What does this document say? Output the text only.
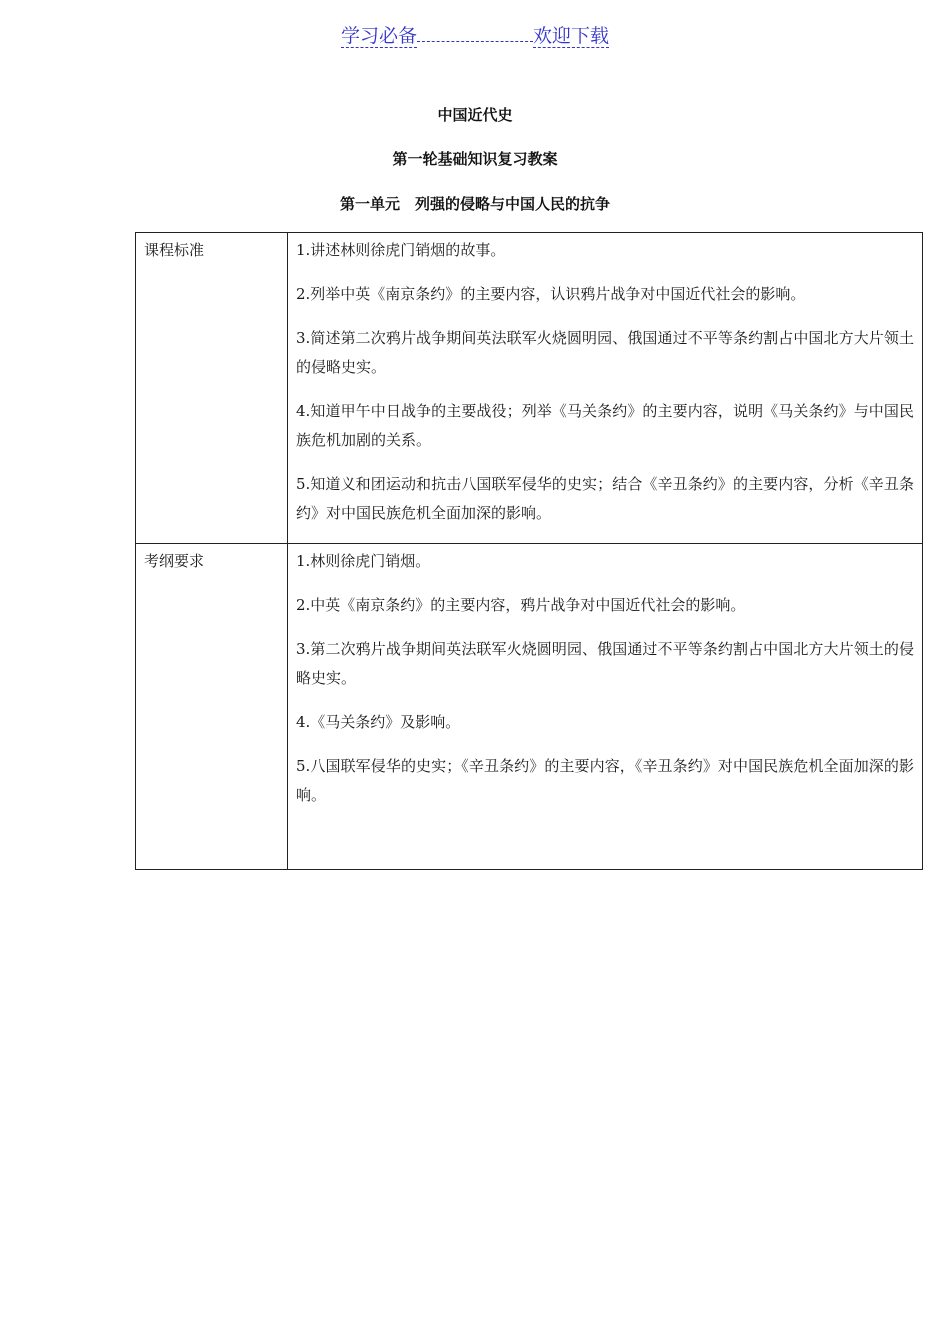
学习必备	欢迎下载
中国近代史
第一轮基础知识复习教案
第一单元　列强的侵略与中国人民的抗争
课程标准	1.讲述林则徐虎门销烟的故事。

2.列举中英《南京条约》的主要内容，认识鸦片战争对中国近代社会的影响。

3.简述第二次鸦片战争期间英法联军火烧圆明园、俄国通过不平等条约割占中国北方大片领土的侵略史实。

4.知道甲午中日战争的主要战役；列举《马关条约》的主要内容，说明《马关条约》与中国民族危机加剧的关系。

5.知道义和团运动和抗击八国联军侵华的史实；结合《辛丑条约》的主要内容，分析《辛丑条约》对中国民族危机全面加深的影响。

考纲要求	1.林则徐虎门销烟。

2.中英《南京条约》的主要内容，鸦片战争对中国近代社会的影响。

3.第二次鸦片战争期间英法联军火烧圆明园、俄国通过不平等条约割占中国北方大片领土的侵略史实。

4.《马关条约》及影响。

5.八国联军侵华的史实；《辛丑条约》的主要内容，《辛丑条约》对中国民族危机全面加深的影响。
